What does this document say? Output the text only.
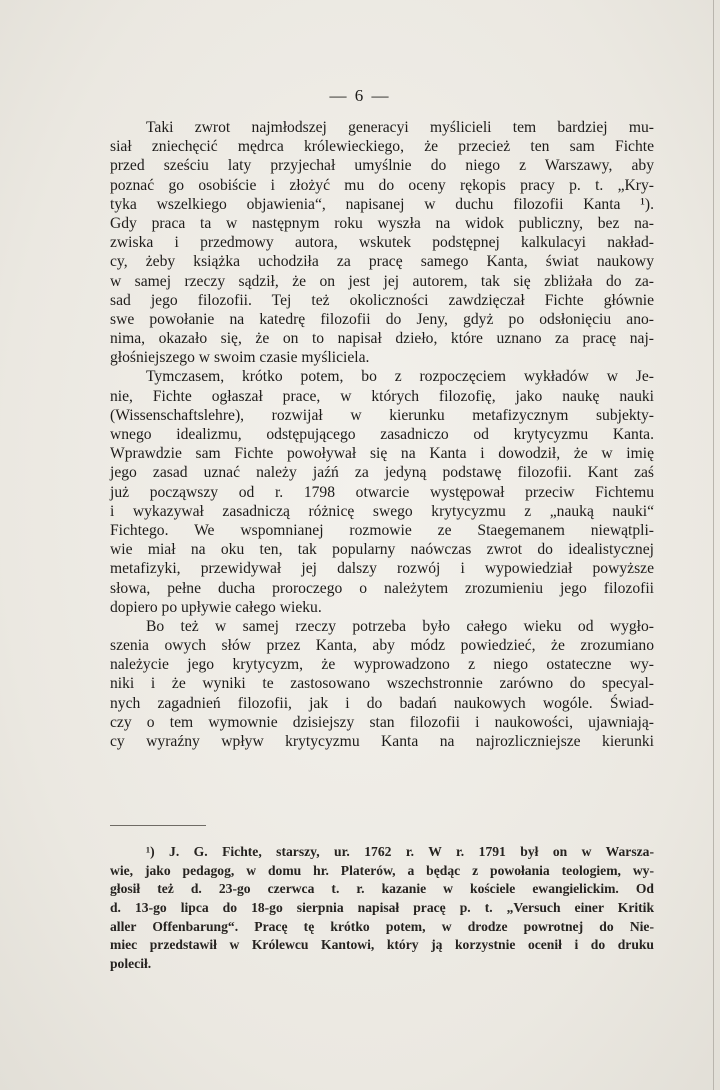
— 6 —
Taki zwrot najmłodszej generacyi myślicieli tem bardziej mu-
siał zniechęcić mędrca królewieckiego, że przecież ten sam Fichte
przed sześciu laty przyjechał umyślnie do niego z Warszawy, aby
poznać go osobiście i złożyć mu do oceny rękopis pracy p. t. „Kry-
tyka wszelkiego objawienia“, napisanej w duchu filozofii Kanta ¹).
Gdy praca ta w następnym roku wyszła na widok publiczny, bez na-
zwiska i przedmowy autora, wskutek podstępnej kalkulacyi nakład-
cy, żeby książka uchodziła za pracę samego Kanta, świat naukowy
w samej rzeczy sądził, że on jest jej autorem, tak się zbliżała do za-
sad jego filozofii. Tej też okoliczności zawdzięczał Fichte głównie
swe powołanie na katedrę filozofii do Jeny, gdyż po odsłonięciu ano-
nima, okazało się, że on to napisał dzieło, które uznano za pracę naj-
głośniejszego w swoim czasie myśliciela.
Tymczasem, krótko potem, bo z rozpoczęciem wykładów w Je-
nie, Fichte ogłaszał prace, w których filozofię, jako naukę nauki
(Wissenschaftslehre), rozwijał w kierunku metafizycznym subjekty-
wnego idealizmu, odstępującego zasadniczo od krytycyzmu Kanta.
Wprawdzie sam Fichte powoływał się na Kanta i dowodził, że w imię
jego zasad uznać należy jaźń za jedyną podstawę filozofii. Kant zaś
już począwszy od r. 1798 otwarcie występował przeciw Fichtemu
i wykazywał zasadniczą różnicę swego krytycyzmu z „nauką nauki“
Fichtego. We wspomnianej rozmowie ze Staegemanem niewątpli-
wie miał na oku ten, tak popularny naówczas zwrot do idealistycznej
metafizyki, przewidywał jej dalszy rozwój i wypowiedział powyższe
słowa, pełne ducha proroczego o należytem zrozumieniu jego filozofii
dopiero po upływie całego wieku.
Bo też w samej rzeczy potrzeba było całego wieku od wygło-
szenia owych słów przez Kanta, aby módz powiedzieć, że zrozumiano
należycie jego krytycyzm, że wyprowadzono z niego ostateczne wy-
niki i że wyniki te zastosowano wszechstronnie zarówno do specyal-
nych zagadnień filozofii, jak i do badań naukowych wogóle. Świad-
czy o tem wymownie dzisiejszy stan filozofii i naukowości, ujawniają-
cy wyraźny wpływ krytycyzmu Kanta na najrozliczniejsze kierunki
¹) J. G. Fichte, starszy, ur. 1762 r. W r. 1791 był on w Warsza-
wie, jako pedagog, w domu hr. Platerów, a będąc z powołania teologiem, wy-
głosił też d. 23-go czerwca t. r. kazanie w kościele ewangielickim. Od
d. 13-go lipca do 18-go sierpnia napisał pracę p. t. „Versuch einer Kritik
aller Offenbarung“. Pracę tę krótko potem, w drodze powrotnej do Nie-
miec przedstawił w Królewcu Kantowi, który ją korzystnie ocenił i do druku
polecił.
